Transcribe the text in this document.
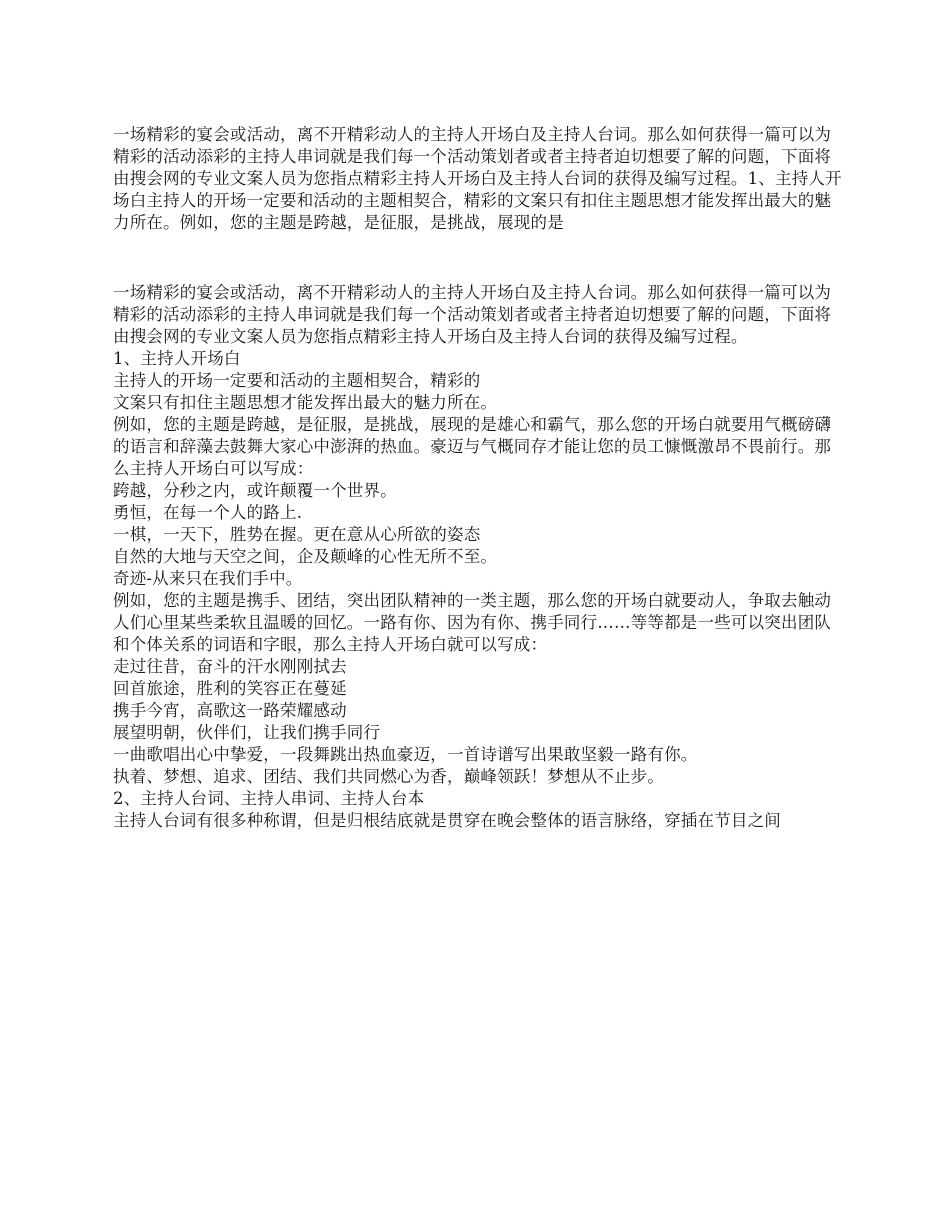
一场精彩的宴会或活动，离不开精彩动人的主持人开场白及主持人台词。那么如何获得一篇可以为精彩的活动添彩的主持人串词就是我们每一个活动策划者或者主持者迫切想要了解的问题，下面将由搜会网的专业文案人员为您指点精彩主持人开场白及主持人台词的获得及编写过程。1、主持人开场白主持人的开场一定要和活动的主题相契合，精彩的文案只有扣住主题思想才能发挥出最大的魅力所在。例如，您的主题是跨越，是征服，是挑战，展现的是

一场精彩的宴会或活动，离不开精彩动人的主持人开场白及主持人台词。那么如何获得一篇可以为精彩的活动添彩的主持人串词就是我们每一个活动策划者或者主持者迫切想要了解的问题，下面将由搜会网的专业文案人员为您指点精彩主持人开场白及主持人台词的获得及编写过程。

1、主持人开场白

主持人的开场一定要和活动的主题相契合，精彩的

文案只有扣住主题思想才能发挥出最大的魅力所在。

例如，您的主题是跨越，是征服，是挑战，展现的是雄心和霸气，那么您的开场白就要用气概磅礴的语言和辞藻去鼓舞大家心中澎湃的热血。豪迈与气概同存才能让您的员工慷慨激昂不畏前行。那么主持人开场白可以写成：

跨越，分秒之内，或许颠覆一个世界。

勇恒，在每一个人的路上.

一棋，一天下，胜势在握。更在意从心所欲的姿态

自然的大地与天空之间，企及颠峰的心性无所不至。

奇迹-从来只在我们手中。

例如，您的主题是携手、团结，突出团队精神的一类主题，那么您的开场白就要动人，争取去触动人们心里某些柔软且温暖的回忆。一路有你、因为有你、携手同行……等等都是一些可以突出团队和个体关系的词语和字眼，那么主持人开场白就可以写成：

走过往昔，奋斗的汗水刚刚拭去

回首旅途，胜利的笑容正在蔓延

携手今宵，高歌这一路荣耀感动

展望明朝，伙伴们，让我们携手同行

一曲歌唱出心中挚爱，一段舞跳出热血豪迈，一首诗谱写出果敢坚毅一路有你。

执着、梦想、追求、团结、我们共同燃心为香，巅峰领跃！梦想从不止步。

2、主持人台词、主持人串词、主持人台本

主持人台词有很多种称谓，但是归根结底就是贯穿在晚会整体的语言脉络，穿插在节目之间
